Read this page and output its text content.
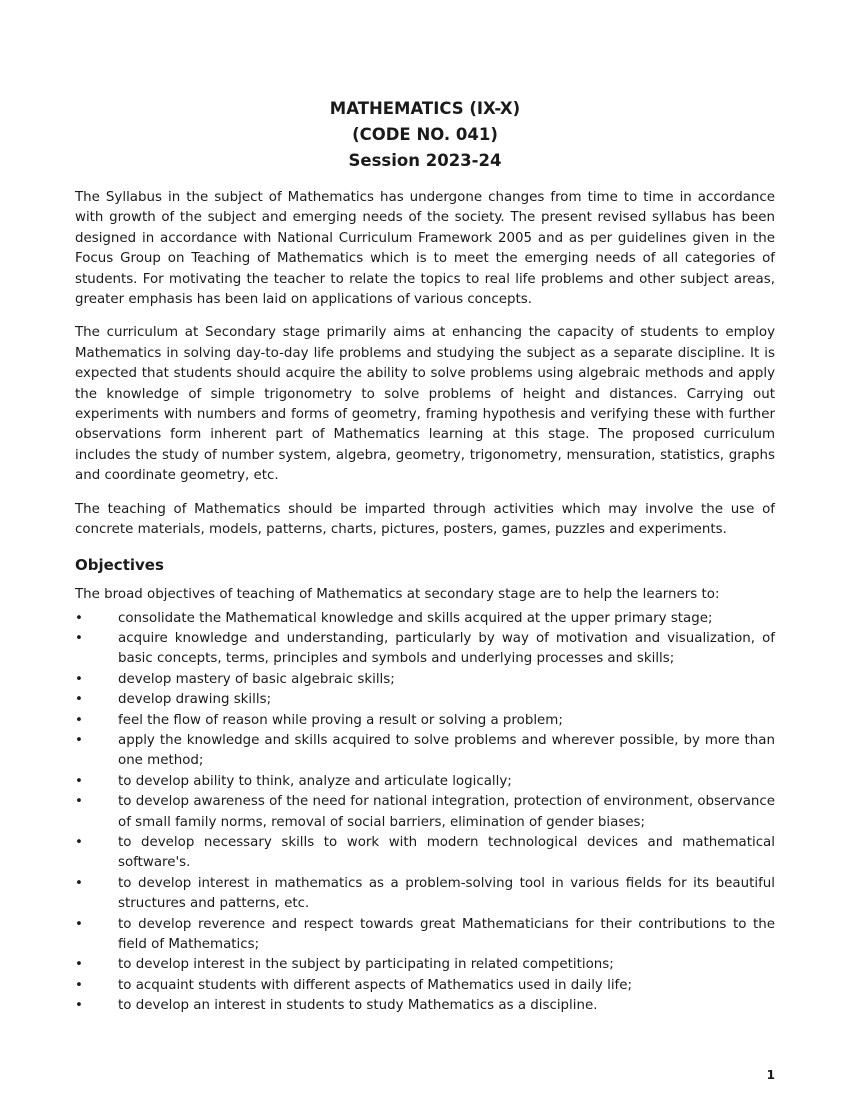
MATHEMATICS (IX-X)
(CODE NO. 041)
Session 2023-24

The Syllabus in the subject of Mathematics has undergone changes from time to time in accordance with growth of the subject and emerging needs of the society. The present revised syllabus has been designed in accordance with National Curriculum Framework 2005 and as per guidelines given in the Focus Group on Teaching of Mathematics which is to meet the emerging needs of all categories of students. For motivating the teacher to relate the topics to real life problems and other subject areas, greater emphasis has been laid on applications of various concepts.

The curriculum at Secondary stage primarily aims at enhancing the capacity of students to employ Mathematics in solving day-to-day life problems and studying the subject as a separate discipline. It is expected that students should acquire the ability to solve problems using algebraic methods and apply the knowledge of simple trigonometry to solve problems of height and distances. Carrying out experiments with numbers and forms of geometry, framing hypothesis and verifying these with further observations form inherent part of Mathematics learning at this stage. The proposed curriculum includes the study of number system, algebra, geometry, trigonometry, mensuration, statistics, graphs and coordinate geometry, etc.

The teaching of Mathematics should be imparted through activities which may involve the use of concrete materials, models, patterns, charts, pictures, posters, games, puzzles and experiments.

Objectives

The broad objectives of teaching of Mathematics at secondary stage are to help the learners to:

•	consolidate the Mathematical knowledge and skills acquired at the upper primary stage;
•	acquire knowledge and understanding, particularly by way of motivation and visualization, of basic concepts, terms, principles and symbols and underlying processes and skills;
•	develop mastery of basic algebraic skills;
•	develop drawing skills;
•	feel the flow of reason while proving a result or solving a problem;
•	apply the knowledge and skills acquired to solve problems and wherever possible, by more than one method;
•	to develop ability to think, analyze and articulate logically;
•	to develop awareness of the need for national integration, protection of environment, observance of small family norms, removal of social barriers, elimination of gender biases;
•	to develop necessary skills to work with modern technological devices and mathematical software's.
•	to develop interest in mathematics as a problem-solving tool in various fields for its beautiful structures and patterns, etc.
•	to develop reverence and respect towards great Mathematicians for their contributions to the field of Mathematics;
•	to develop interest in the subject by participating in related competitions;
•	to acquaint students with different aspects of Mathematics used in daily life;
•	to develop an interest in students to study Mathematics as a discipline.
1
